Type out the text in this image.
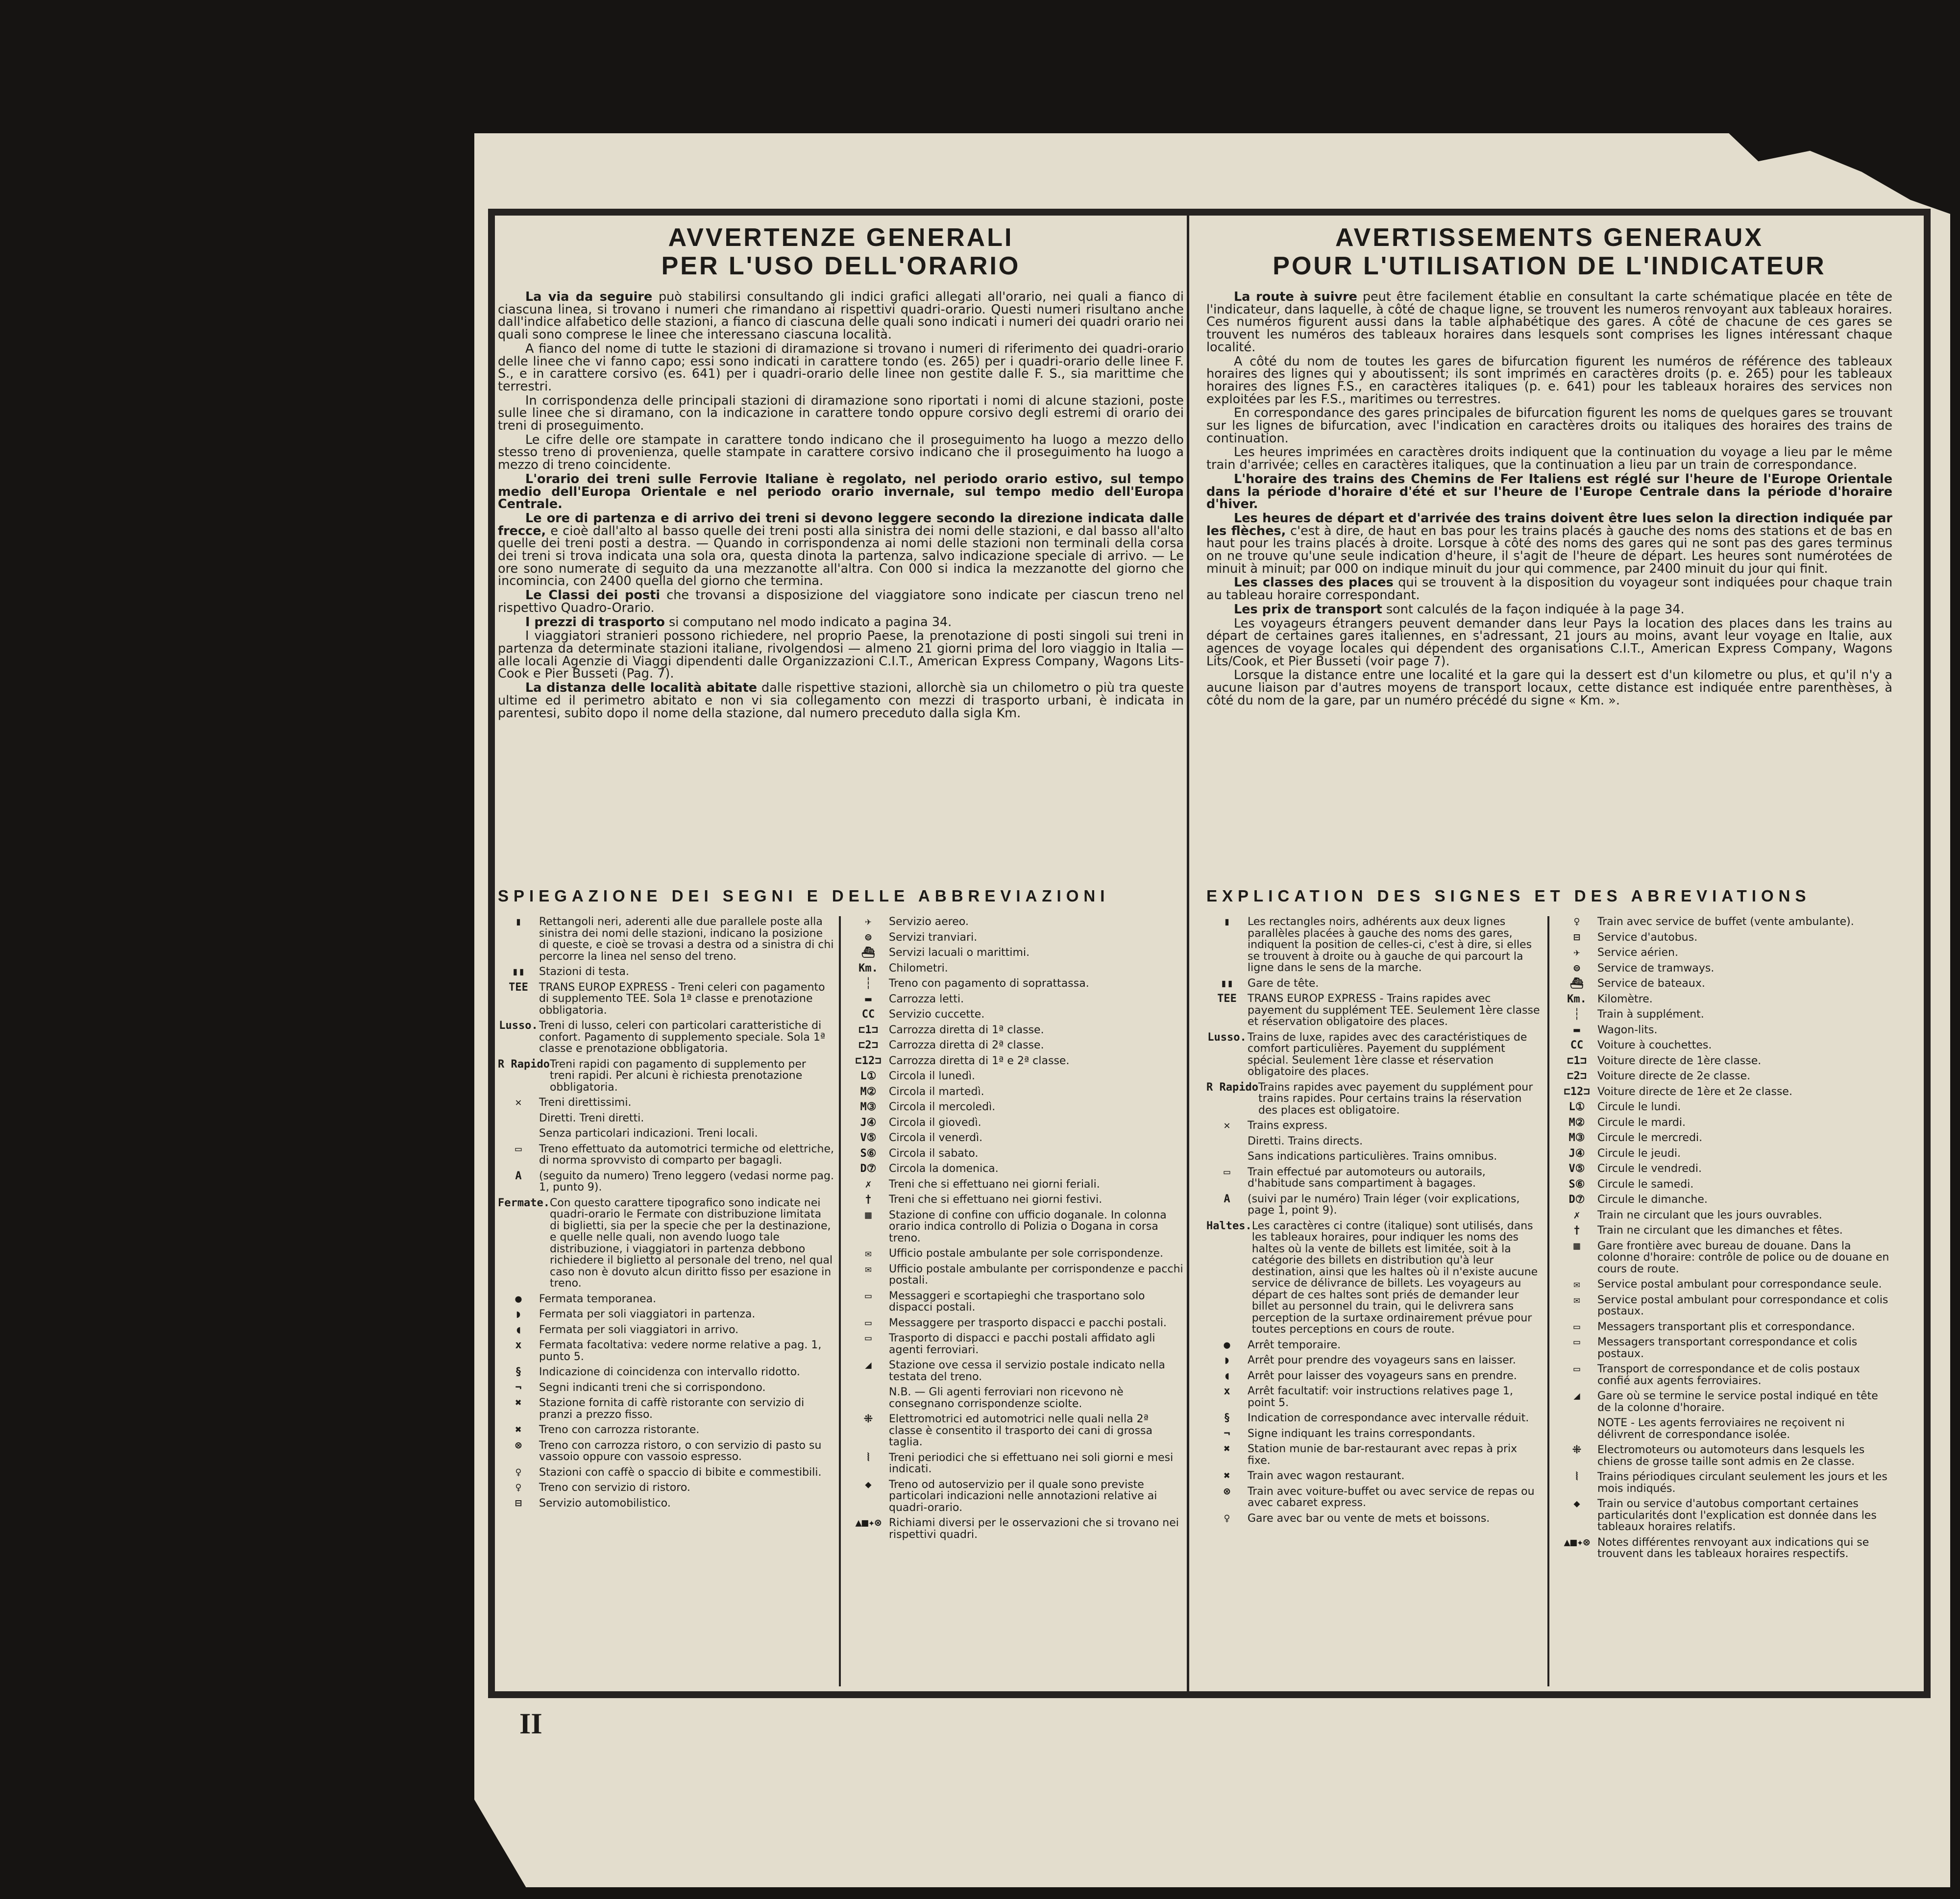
AVVERTENZE GENERALI
PER L'USO DELL'ORARIO

La via da seguire può stabilirsi consultando gli indici grafici allegati all'orario, nei quali a fianco di ciascuna linea, si trovano i numeri che rimandano ai rispettivi quadri-orario. Questi numeri risultano anche dall'indice alfabetico delle stazioni, a fianco di ciascuna delle quali sono indicati i numeri dei quadri orario nei quali sono comprese le linee che interessano ciascuna località.

A fianco del nome di tutte le stazioni di diramazione si trovano i numeri di riferimento dei quadri-orario delle linee che vi fanno capo; essi sono indicati in carattere tondo (es. 265) per i quadri-orario delle linee F. S., e in carattere corsivo (es. 641) per i quadri-orario delle linee non gestite dalle F. S., sia marittime che terrestri.

In corrispondenza delle principali stazioni di diramazione sono riportati i nomi di alcune stazioni, poste sulle linee che si diramano, con la indicazione in carattere tondo oppure corsivo degli estremi di orario dei treni di proseguimento.

Le cifre delle ore stampate in carattere tondo indicano che il proseguimento ha luogo a mezzo dello stesso treno di provenienza, quelle stampate in carattere corsivo indicano che il proseguimento ha luogo a mezzo di treno coincidente.

L'orario dei treni sulle Ferrovie Italiane è regolato, nel periodo orario estivo, sul tempo medio dell'Europa Orientale e nel periodo orario invernale, sul tempo medio dell'Europa Centrale.

Le ore di partenza e di arrivo dei treni si devono leggere secondo la direzione indicata dalle frecce, e cioè dall'alto al basso quelle dei treni posti alla sinistra dei nomi delle stazioni, e dal basso all'alto quelle dei treni posti a destra. — Quando in corrispondenza ai nomi delle stazioni non terminali della corsa dei treni si trova indicata una sola ora, questa dinota la partenza, salvo indicazione speciale di arrivo. — Le ore sono numerate di seguito da una mezzanotte all'altra. Con 000 si indica la mezzanotte del giorno che incomincia, con 2400 quella del giorno che termina.

Le Classi dei posti che trovansi a disposizione del viaggiatore sono indicate per ciascun treno nel rispettivo Quadro-Orario.

I prezzi di trasporto si computano nel modo indicato a pagina 34.

I viaggiatori stranieri possono richiedere, nel proprio Paese, la prenotazione di posti singoli sui treni in partenza da determinate stazioni italiane, rivolgendosi — almeno 21 giorni prima del loro viaggio in Italia — alle locali Agenzie di Viaggi dipendenti dalle Organizzazioni C.I.T., American Express Company, Wagons Lits-Cook e Pier Busseti (Pag. 7).

La distanza delle località abitate dalle rispettive stazioni, allorchè sia un chilometro o più tra queste ultime ed il perimetro abitato e non vi sia collegamento con mezzi di trasporto urbani, è indicata in parentesi, subito dopo il nome della stazione, dal numero preceduto dalla sigla Km.

SPIEGAZIONE DEI SEGNI E DELLE ABBREVIAZIONI
▮	Rettangoli neri, aderenti alle due parallele poste alla sinistra dei nomi delle stazioni, indicano la posizione di queste, e cioè se trovasi a destra od a sinistra di chi percorre la linea nel senso del treno.
▮▮	Stazioni di testa.
TEE	TRANS EUROP EXPRESS - Treni celeri con pagamento di supplemento TEE. Sola 1ª classe e prenotazione obbligatoria.
Lusso. Treni di lusso, celeri con particolari caratteristiche di confort. Pagamento di supplemento speciale. Sola 1ª classe e prenotazione obbligatoria.
R Rapido Treni rapidi con pagamento di supplemento per treni rapidi. Per alcuni è richiesta prenotazione obbligatoria.
✕	Treni direttissimi.
Diretti. Treni diretti.
Senza particolari indicazioni. Treni locali.
▭	Treno effettuato da automotrici termiche od elettriche, di norma sprovvisto di comparto per bagagli.
A	(seguito da numero) Treno leggero (vedasi norme pag. 1, punto 9).
Fermate. Con questo carattere tipografico sono indicate nei quadri-orario le Fermate con distribuzione limitata di biglietti, sia per la specie che per la destinazione, e quelle nelle quali, non avendo luogo tale distribuzione, i viaggiatori in partenza debbono richiedere il biglietto al personale del treno, nel qual caso non è dovuto alcun diritto fisso per esazione in treno.
●	Fermata temporanea.
◗	Fermata per soli viaggiatori in partenza.
◖	Fermata per soli viaggiatori in arrivo.
x	Fermata facoltativa: vedere norme relative a pag. 1, punto 5.
§	Indicazione di coincidenza con intervallo ridotto.
¬	Segni indicanti treni che si corrispondono.
✖	Stazione fornita di caffè ristorante con servizio di pranzi a prezzo fisso.
✖	Treno con carrozza ristorante.
⊗	Treno con carrozza ristoro, o con servizio di pasto su vassoio oppure con vassoio espresso.
♀	Stazioni con caffè o spaccio di bibite e commestibili.
♀	Treno con servizio di ristoro.
⊟	Servizio automobilistico.
✈	Servizio aereo.
⊜	Servizi tranviari.
⛴	Servizi lacuali o marittimi.
Km.	Chilometri.
┆	Treno con pagamento di soprattassa.
▬	Carrozza letti.
CC	Servizio cuccette.
⊏1⊐	Carrozza diretta di 1ª classe.
⊏2⊐	Carrozza diretta di 2ª classe.
⊏12⊐ Carrozza diretta di 1ª e 2ª classe.
L①	Circola il lunedì.
M②	Circola il martedì.
M③	Circola il mercoledì.
J④	Circola il giovedì.
V⑤	Circola il venerdì.
S⑥	Circola il sabato.
D⑦	Circola la domenica.
✗	Treni che si effettuano nei giorni feriali.
†	Treni che si effettuano nei giorni festivi.
▦	Stazione di confine con ufficio doganale. In colonna orario indica controllo di Polizia o Dogana in corsa treno.
✉	Ufficio postale ambulante per sole corrispondenze.
✉	Ufficio postale ambulante per corrispondenze e pacchi postali.
▭	Messaggeri e scortapieghi che trasportano solo dispacci postali.
▭	Messaggere per trasporto dispacci e pacchi postali.
▭	Trasporto di dispacci e pacchi postali affidato agli agenti ferroviari.
◢	Stazione ove cessa il servizio postale indicato nella testata del treno.
N.B. — Gli agenti ferroviari non ricevono nè consegnano corrispondenze sciolte.
⁜	Elettromotrici ed automotrici nelle quali nella 2ª classe è consentito il trasporto dei cani di grossa taglia.
⦚	Treni periodici che si effettuano nei soli giorni e mesi indicati.
◆	Treno od autoservizio per il quale sono previste particolari indicazioni nelle annotazioni relative ai quadri-orario.
▲■✦⊗ Richiami diversi per le osservazioni che si trovano nei rispettivi quadri.
AVERTISSEMENTS GENERAUX
POUR L'UTILISATION DE L'INDICATEUR

La route à suivre peut être facilement établie en consultant la carte schématique placée en tête de l'indicateur, dans laquelle, à côté de chaque ligne, se trouvent les numeros renvoyant aux tableaux horaires. Ces numéros figurent aussi dans la table alphabétique des gares. A côté de chacune de ces gares se trouvent les numéros des tableaux horaires dans lesquels sont comprises les lignes intéressant chaque localité.

A côté du nom de toutes les gares de bifurcation figurent les numéros de référence des tableaux horaires des lignes qui y aboutissent; ils sont imprimés en caractères droits (p. e. 265) pour les tableaux horaires des lignes F.S., en caractères italiques (p. e. 641) pour les tableaux horaires des services non exploitées par les F.S., maritimes ou terrestres.

En correspondance des gares principales de bifurcation figurent les noms de quelques gares se trouvant sur les lignes de bifurcation, avec l'indication en caractères droits ou italiques des horaires des trains de continuation.

Les heures imprimées en caractères droits indiquent que la continuation du voyage a lieu par le même train d'arrivée; celles en caractères italiques, que la continuation a lieu par un train de correspondance.

L'horaire des trains des Chemins de Fer Italiens est réglé sur l'heure de l'Europe Orientale dans la période d'horaire d'été et sur l'heure de l'Europe Centrale dans la période d'horaire d'hiver.

Les heures de départ et d'arrivée des trains doivent être lues selon la direction indiquée par les flèches, c'est à dire, de haut en bas pour les trains placés à gauche des noms des stations et de bas en haut pour les trains placés à droite. Lorsque à côté des noms des gares qui ne sont pas des gares terminus on ne trouve qu'une seule indication d'heure, il s'agit de l'heure de départ. Les heures sont numérotées de minuit à minuit; par 000 on indique minuit du jour qui commence, par 2400 minuit du jour qui finit.

Les classes des places qui se trouvent à la disposition du voyageur sont indiquées pour chaque train au tableau horaire correspondant.

Les prix de transport sont calculés de la façon indiquée à la page 34.

Les voyageurs étrangers peuvent demander dans leur Pays la location des places dans les trains au départ de certaines gares italiennes, en s'adressant, 21 jours au moins, avant leur voyage en Italie, aux agences de voyage locales qui dépendent des organisations C.I.T., American Express Company, Wagons Lits/Cook, et Pier Busseti (voir page 7).

Lorsque la distance entre une localité et la gare qui la dessert est d'un kilometre ou plus, et qu'il n'y a aucune liaison par d'autres moyens de transport locaux, cette distance est indiquée entre parenthèses, à côté du nom de la gare, par un numéro précédé du signe « Km. ».

EXPLICATION DES SIGNES ET DES ABREVIATIONS
▮	Les rectangles noirs, adhérents aux deux lignes parallèles placées à gauche des noms des gares, indiquent la position de celles-ci, c'est à dire, si elles se trouvent à droite ou à gauche de qui parcourt la ligne dans le sens de la marche.
▮▮	Gare de tête.
TEE	TRANS EUROP EXPRESS - Trains rapides avec payement du supplément TEE. Seulement 1ère classe et réservation obligatoire des places.
Lusso. Trains de luxe, rapides avec des caractéristiques de comfort particulières. Payement du supplément spécial. Seulement 1ère classe et réservation obligatoire des places.
R Rapido Trains rapides avec payement du supplément pour trains rapides. Pour certains trains la réservation des places est obligatoire.
✕	Trains express.
Diretti. Trains directs.
Sans indications particulières. Trains omnibus.
▭	Train effectué par automoteurs ou autorails, d'habitude sans compartiment à bagages.
A	(suivi par le numéro) Train léger (voir explications, page 1, point 9).
Haltes. Les caractères ci contre (italique) sont utilisés, dans les tableaux horaires, pour indiquer les noms des haltes où la vente de billets est limitée, soit à la catégorie des billets en distribution qu'à leur destination, ainsi que les haltes où il n'existe aucune service de délivrance de billets. Les voyageurs au départ de ces haltes sont priés de demander leur billet au personnel du train, qui le delivrera sans perception de la surtaxe ordinairement prévue pour toutes perceptions en cours de route.
●	Arrêt temporaire.
◗	Arrêt pour prendre des voyageurs sans en laisser.
◖	Arrêt pour laisser des voyageurs sans en prendre.
x	Arrêt facultatif: voir instructions relatives page 1, point 5.
§	Indication de correspondance avec intervalle réduit.
¬	Signe indiquant les trains correspondants.
✖	Station munie de bar-restaurant avec repas à prix fixe.
✖	Train avec wagon restaurant.
⊗	Train avec voiture-buffet ou avec service de repas ou avec cabaret express.
♀	Gare avec bar ou vente de mets et boissons.
♀	Train avec service de buffet (vente ambulante).
⊟	Service d'autobus.
✈	Service aérien.
⊜	Service de tramways.
⛴	Service de bateaux.
Km.	Kilomètre.
┆	Train à supplément.
▬	Wagon-lits.
CC	Voiture à couchettes.
⊏1⊐	Voiture directe de 1ère classe.
⊏2⊐	Voiture directe de 2e classe.
⊏12⊐ Voiture directe de 1ère et 2e classe.
L①	Circule le lundi.
M②	Circule le mardi.
M③	Circule le mercredi.
J④	Circule le jeudi.
V⑤	Circule le vendredi.
S⑥	Circule le samedi.
D⑦	Circule le dimanche.
✗	Train ne circulant que les jours ouvrables.
†	Train ne circulant que les dimanches et fêtes.
▦	Gare frontière avec bureau de douane. Dans la colonne d'horaire: contrôle de police ou de douane en cours de route.
✉	Service postal ambulant pour correspondance seule.
✉	Service postal ambulant pour correspondance et colis postaux.
▭	Messagers transportant plis et correspondance.
▭	Messagers transportant correspondance et colis postaux.
▭	Transport de correspondance et de colis postaux confié aux agents ferroviaires.
◢	Gare où se termine le service postal indiqué en tête de la colonne d'horaire.
NOTE - Les agents ferroviaires ne reçoivent ni délivrent de correspondance isolée.
⁜	Electromoteurs ou automoteurs dans lesquels les chiens de grosse taille sont admis en 2e classe.
⦚	Trains périodiques circulant seulement les jours et les mois indiqués.
◆	Train ou service d'autobus comportant certaines particularités dont l'explication est donnée dans les tableaux horaires relatifs.
▲■✦⊗ Notes différentes renvoyant aux indications qui se trouvent dans les tableaux horaires respectifs.
II
